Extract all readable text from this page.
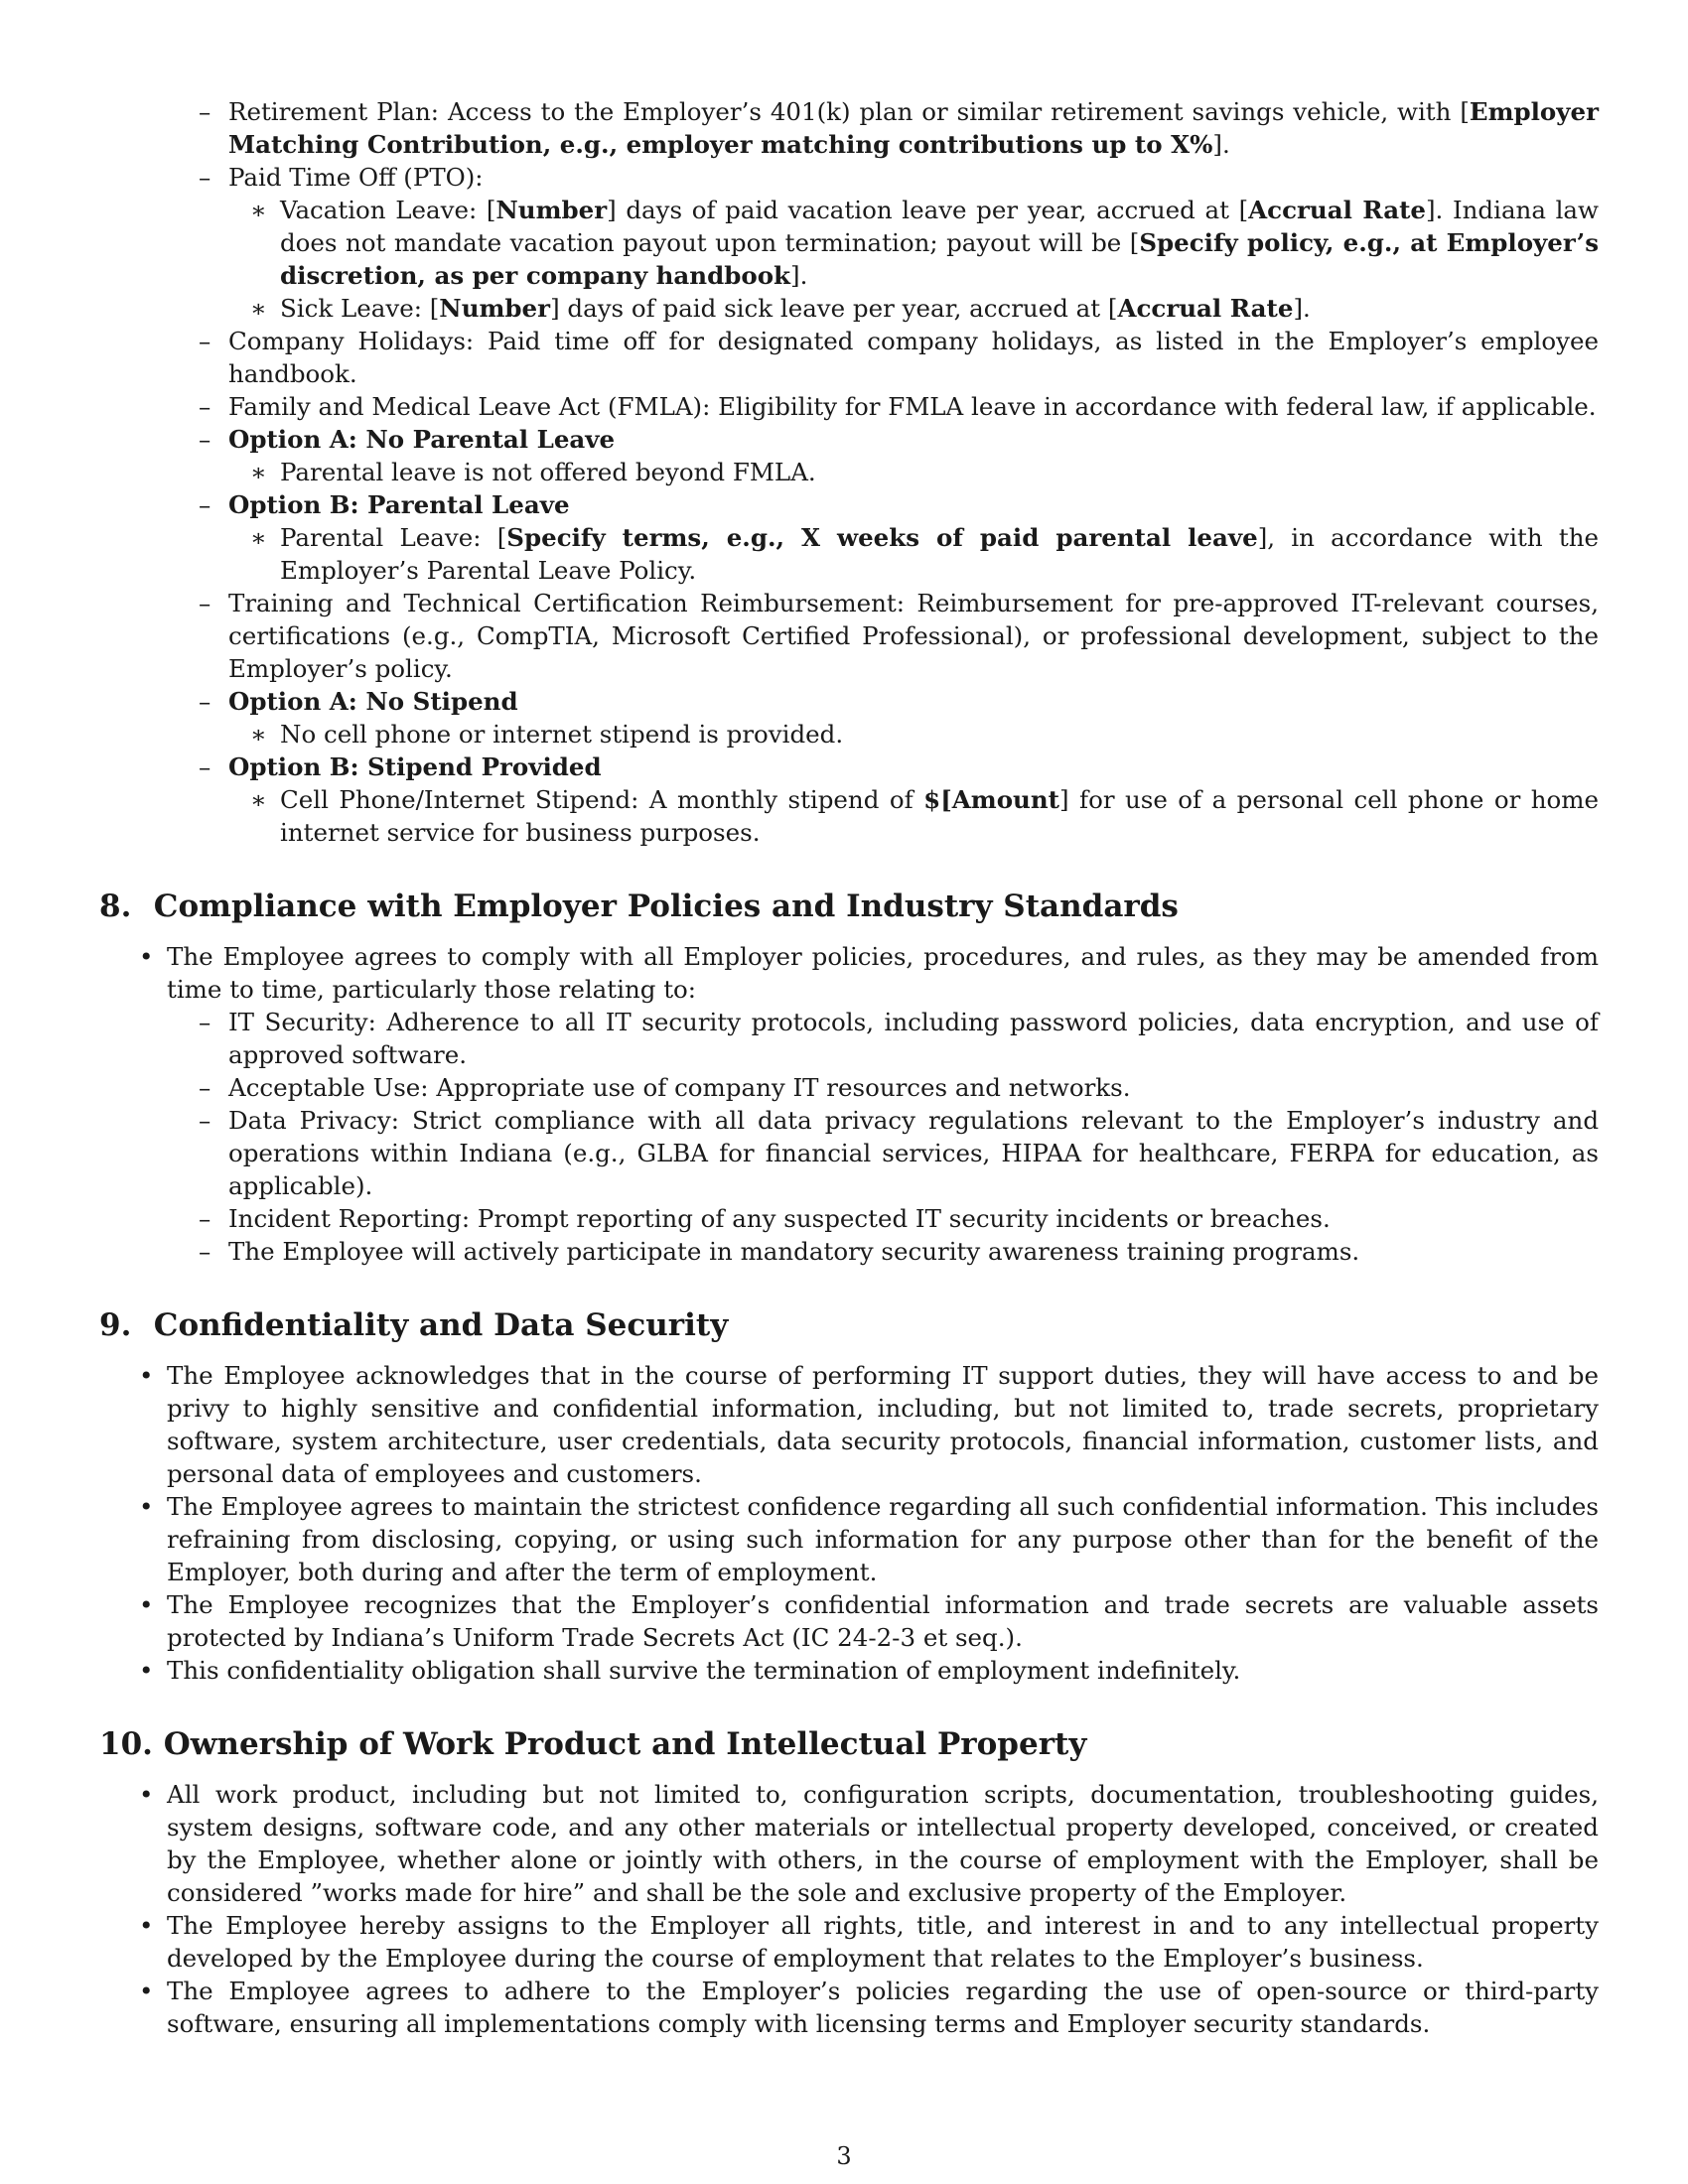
– Retirement Plan: Access to the Employer’s 401(k) plan or similar retirement savings vehicle, with [Employer Matching Contribution, e.g., employer matching contributions up to X%].
– Paid Time Off (PTO):
∗ Vacation Leave: [Number] days of paid vacation leave per year, accrued at [Accrual Rate]. Indiana law does not mandate vacation payout upon termination; payout will be [Specify policy, e.g., at Employer’s discretion, as per company handbook].
∗ Sick Leave: [Number] days of paid sick leave per year, accrued at [Accrual Rate].
– Company Holidays: Paid time off for designated company holidays, as listed in the Employer’s employee handbook.
– Family and Medical Leave Act (FMLA): Eligibility for FMLA leave in accordance with federal law, if applicable.
– Option A: No Parental Leave
∗ Parental leave is not offered beyond FMLA.
– Option B: Parental Leave
∗ Parental Leave: [Specify terms, e.g., X weeks of paid parental leave], in accordance with the Employer’s Parental Leave Policy.
– Training and Technical Certification Reimbursement: Reimbursement for pre-approved IT-relevant courses, certifications (e.g., CompTIA, Microsoft Certified Professional), or professional development, subject to the Employer’s policy.
– Option A: No Stipend
∗ No cell phone or internet stipend is provided.
– Option B: Stipend Provided
∗ Cell Phone/Internet Stipend: A monthly stipend of $[Amount] for use of a personal cell phone or home internet service for business purposes.
8. Compliance with Employer Policies and Industry Standards
• The Employee agrees to comply with all Employer policies, procedures, and rules, as they may be amended from time to time, particularly those relating to:
– IT Security: Adherence to all IT security protocols, including password policies, data encryption, and use of approved software.
– Acceptable Use: Appropriate use of company IT resources and networks.
– Data Privacy: Strict compliance with all data privacy regulations relevant to the Employer’s industry and operations within Indiana (e.g., GLBA for financial services, HIPAA for healthcare, FERPA for education, as applicable).
– Incident Reporting: Prompt reporting of any suspected IT security incidents or breaches.
– The Employee will actively participate in mandatory security awareness training programs.
9. Confidentiality and Data Security
• The Employee acknowledges that in the course of performing IT support duties, they will have access to and be privy to highly sensitive and confidential information, including, but not limited to, trade secrets, proprietary software, system architecture, user credentials, data security protocols, financial information, customer lists, and personal data of employees and customers.
• The Employee agrees to maintain the strictest confidence regarding all such confidential information. This includes refraining from disclosing, copying, or using such information for any purpose other than for the benefit of the Employer, both during and after the term of employment.
• The Employee recognizes that the Employer’s confidential information and trade secrets are valuable assets protected by Indiana’s Uniform Trade Secrets Act (IC 24-2-3 et seq.).
• This confidentiality obligation shall survive the termination of employment indefinitely.
10. Ownership of Work Product and Intellectual Property
• All work product, including but not limited to, configuration scripts, documentation, troubleshooting guides, system designs, software code, and any other materials or intellectual property developed, conceived, or created by the Employee, whether alone or jointly with others, in the course of employment with the Employer, shall be considered ”works made for hire” and shall be the sole and exclusive property of the Employer.
• The Employee hereby assigns to the Employer all rights, title, and interest in and to any intellectual property developed by the Employee during the course of employment that relates to the Employer’s business.
• The Employee agrees to adhere to the Employer’s policies regarding the use of open-source or third-party software, ensuring all implementations comply with licensing terms and Employer security standards.
3
